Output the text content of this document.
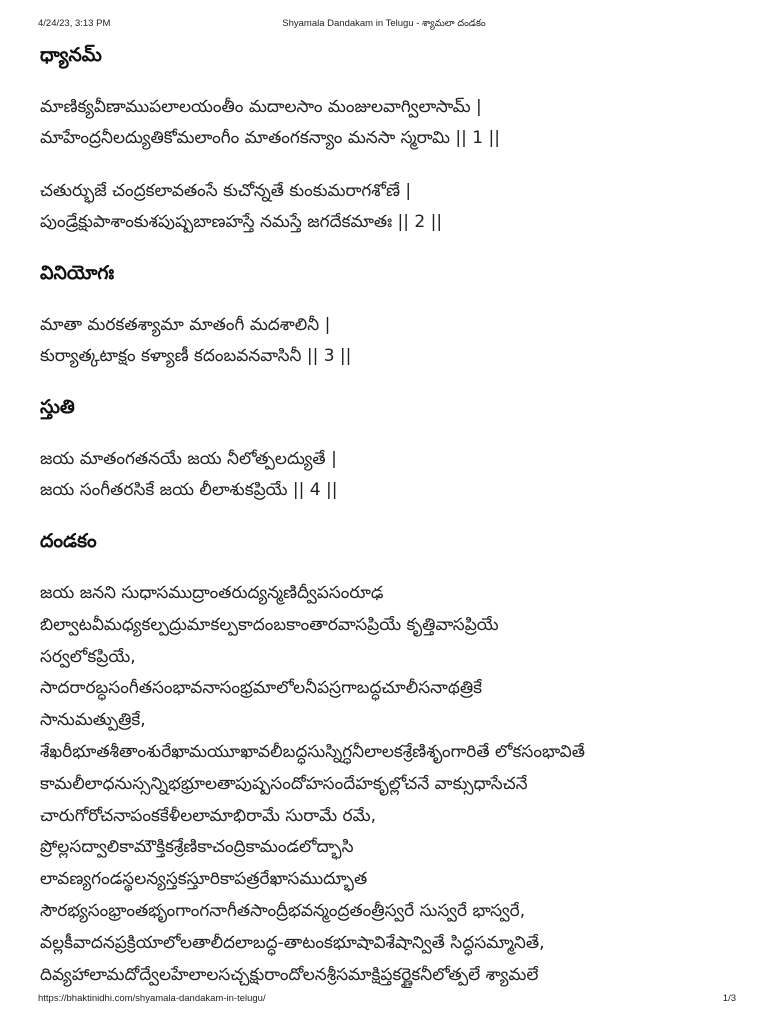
4/24/23, 3:13 PM	Shyamala Dandakam in Telugu - శ్యామలా దండకం
ధ్యానమ్
మాణిక్యవీణాముపలాలయంతీం మదాలసాం మంజులవాగ్విలాసామ్ |
మాహేంద్రనీలద్యుతికోమలాంగీం మాతంగకన్యాం మనసా స్మరామి || 1 ||
చతుర్భుజే చంద్రకలావతంసే కుచోన్నతే కుంకుమరాగశోణే |
పుండ్రేక్షుపాశాంకుశపుష్పబాణహస్తే నమస్తే జగదేకమాతః || 2 ||
వినియోగః
మాతా మరకతశ్యామా మాతంగీ మదశాలినీ |
కుర్యాత్కటాక్షం కళ్యాణీ కదంబవనవాసినీ || 3 ||
స్తుతి
జయ మాతంగతనయే జయ నీలోత్పలద్యుతే |
జయ సంగీతరసికే జయ లీలాశుకప్రియే || 4 ||
దండకం
జయ జనని సుధాసముద్రాంతరుద్యన్మణిద్వీపసంరూఢ
బిల్వాటవీమధ్యకల్పద్రుమాకల్పకాదంబకాంతారవాసప్రియే కృత్తివాసప్రియే
సర్వలోకప్రియే,
సాదరారబ్ధసంగీతసంభావనాసంభ్రమాలోలనీపస్రగాబద్ధచూలీసనాథత్రికే
సానుమత్పుత్రికే,
శేఖరీభూతశీతాంశురేఖామయూఖావలీబద్ధసుస్నిగ్ధనీలాలకశ్రేణిశృంగారితే లోకసంభావితే
కామలీలాధనుస్సన్నిభభ్రూలతాపుష్పసందోహసందేహకృల్లోచనే వాక్సుధాసేచనే
చారుగోరోచనాపంకకేళీలలామాభిరామే సురామే రమే,
ప్రోల్లసద్వాలికామౌక్తికశ్రేణికాచంద్రికామండలోద్భాసి
లావణ్యగండస్థలన్యస్తకస్తూరికాపత్రరేఖాసముద్భూత
సౌరభ్యసంభ్రాంతభృంగాంగనాగీతసాంద్రీభవన్మంద్రతంత్రీస్వరే సుస్వరే భాస్వరే,
వల్లకీవాదనప్రక్రియాలోలతాలీదలాబద్ధ-తాటంకభూషావిశేషాన్వితే సిద్ధసమ్మానితే,
దివ్యహాలామదోద్వేలహేలాలసచ్చక్షురాందోలనశ్రీసమాక్షిప్తకర్ణైకనీలోత్పలే శ్యామలే
https://bhaktinidhi.com/shyamala-dandakam-in-telugu/	1/3
